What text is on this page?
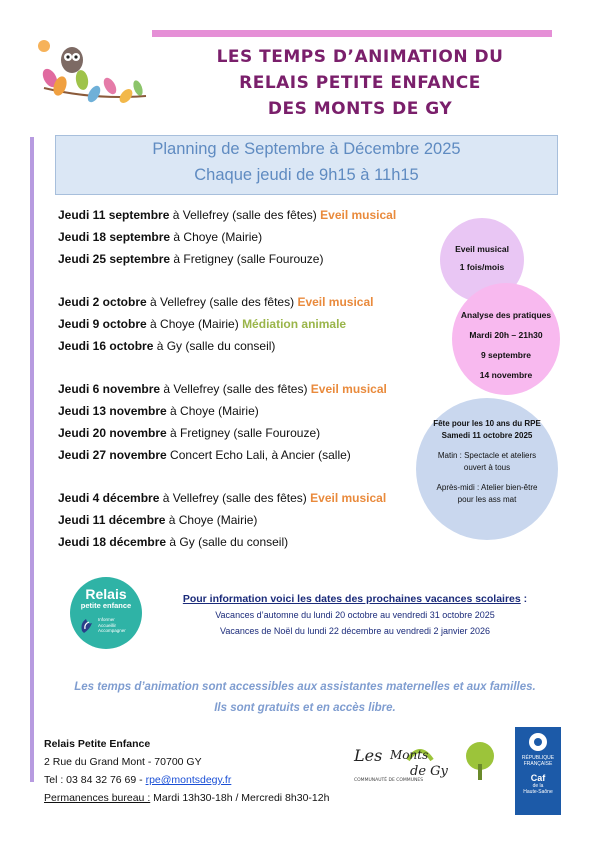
LES TEMPS D’ANIMATION DU
RELAIS PETITE ENFANCE
DES MONTS DE GY
Planning de Septembre à Décembre 2025
Chaque jeudi de 9h15 à 11h15
Jeudi 11 septembre à Vellefrey (salle des fêtes) Eveil musical
Jeudi 18 septembre à Choye (Mairie)
Jeudi 25 septembre à Fretigney (salle Fourouze)
Jeudi 2 octobre à Vellefrey (salle des fêtes) Eveil musical
Jeudi 9 octobre à Choye (Mairie) Médiation animale
Jeudi 16 octobre à Gy (salle du conseil)
Jeudi 6 novembre à Vellefrey (salle des fêtes) Eveil musical
Jeudi 13 novembre à Choye (Mairie)
Jeudi 20 novembre à Fretigney (salle Fourouze)
Jeudi 27 novembre Concert Echo Lali, à Ancier (salle)
Jeudi 4 décembre à Vellefrey (salle des fêtes) Eveil musical
Jeudi 11 décembre à Choye (Mairie)
Jeudi 18 décembre à Gy (salle du conseil)
Eveil musical
1 fois/mois
Analyse des pratiques
Mardi 20h – 21h30
9 septembre
14 novembre
Fête pour les 10 ans du RPE
Samedi 11 octobre 2025
Matin : Spectacle et ateliers
ouvert à tous
Après-midi : Atelier bien-être
pour les ass mat
Relais
petite enfance
Informer
Accueillir
Accompagner
Pour information voici les dates des prochaines vacances scolaires :
Vacances d’automne du lundi 20 octobre au vendredi 31 octobre 2025
Vacances de Noël du lundi 22 décembre au vendredi 2 janvier 2026
Les temps d’animation sont accessibles aux assistantes maternelles et aux familles.
Ils sont gratuits et en accès libre.
Relais Petite Enfance
2 Rue du Grand Mont - 70700 GY
Tel : 03 84 32 76 69 - rpe@montsdegy.fr
Permanences bureau : Mardi 13h30-18h / Mercredi 8h30-12h
Les Monts
de Gy
COMMUNAUTÉ DE COMMUNES
RÉPUBLIQUE
FRANÇAISE
Caf
de la
Haute-Saône
